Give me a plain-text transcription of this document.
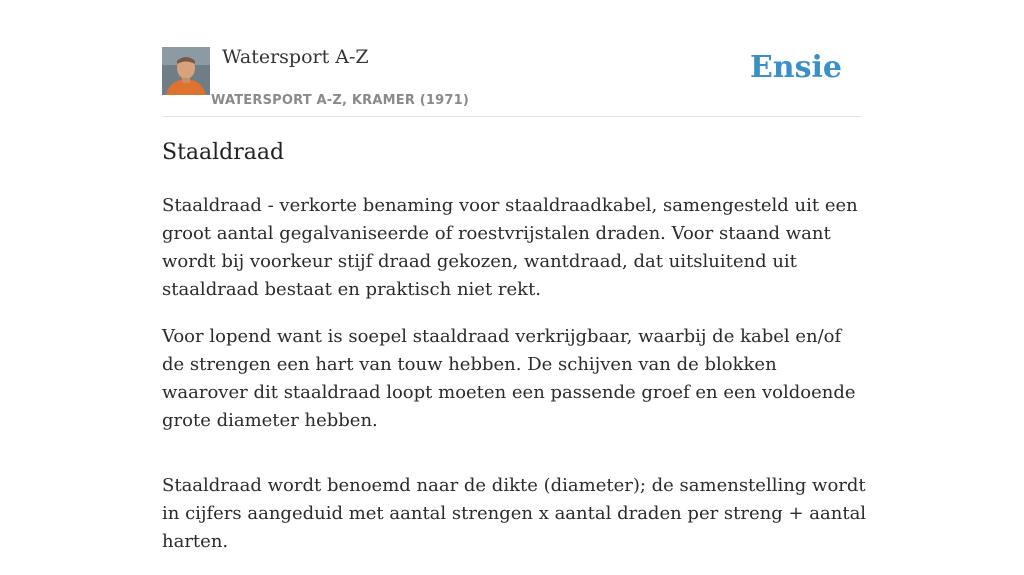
Watersport A-Z
WATERSPORT A-Z, KRAMER (1971)
Ensie
Staaldraad

Staaldraad - verkorte benaming voor staaldraadkabel, samengesteld uit een groot aantal gegalvaniseerde of roestvrijstalen draden. Voor staand want wordt bij voorkeur stijf draad gekozen, wantdraad, dat uitsluitend uit staaldraad bestaat en praktisch niet rekt.

Voor lopend want is soepel staaldraad verkrijgbaar, waarbij de kabel en/of de strengen een hart van touw hebben. De schijven van de blokken waarover dit staaldraad loopt moeten een passende groef en een voldoende grote diameter hebben.

Staaldraad wordt benoemd naar de dikte (diameter); de samenstelling wordt in cijfers aangeduid met aantal strengen x aantal draden per streng + aantal harten.
